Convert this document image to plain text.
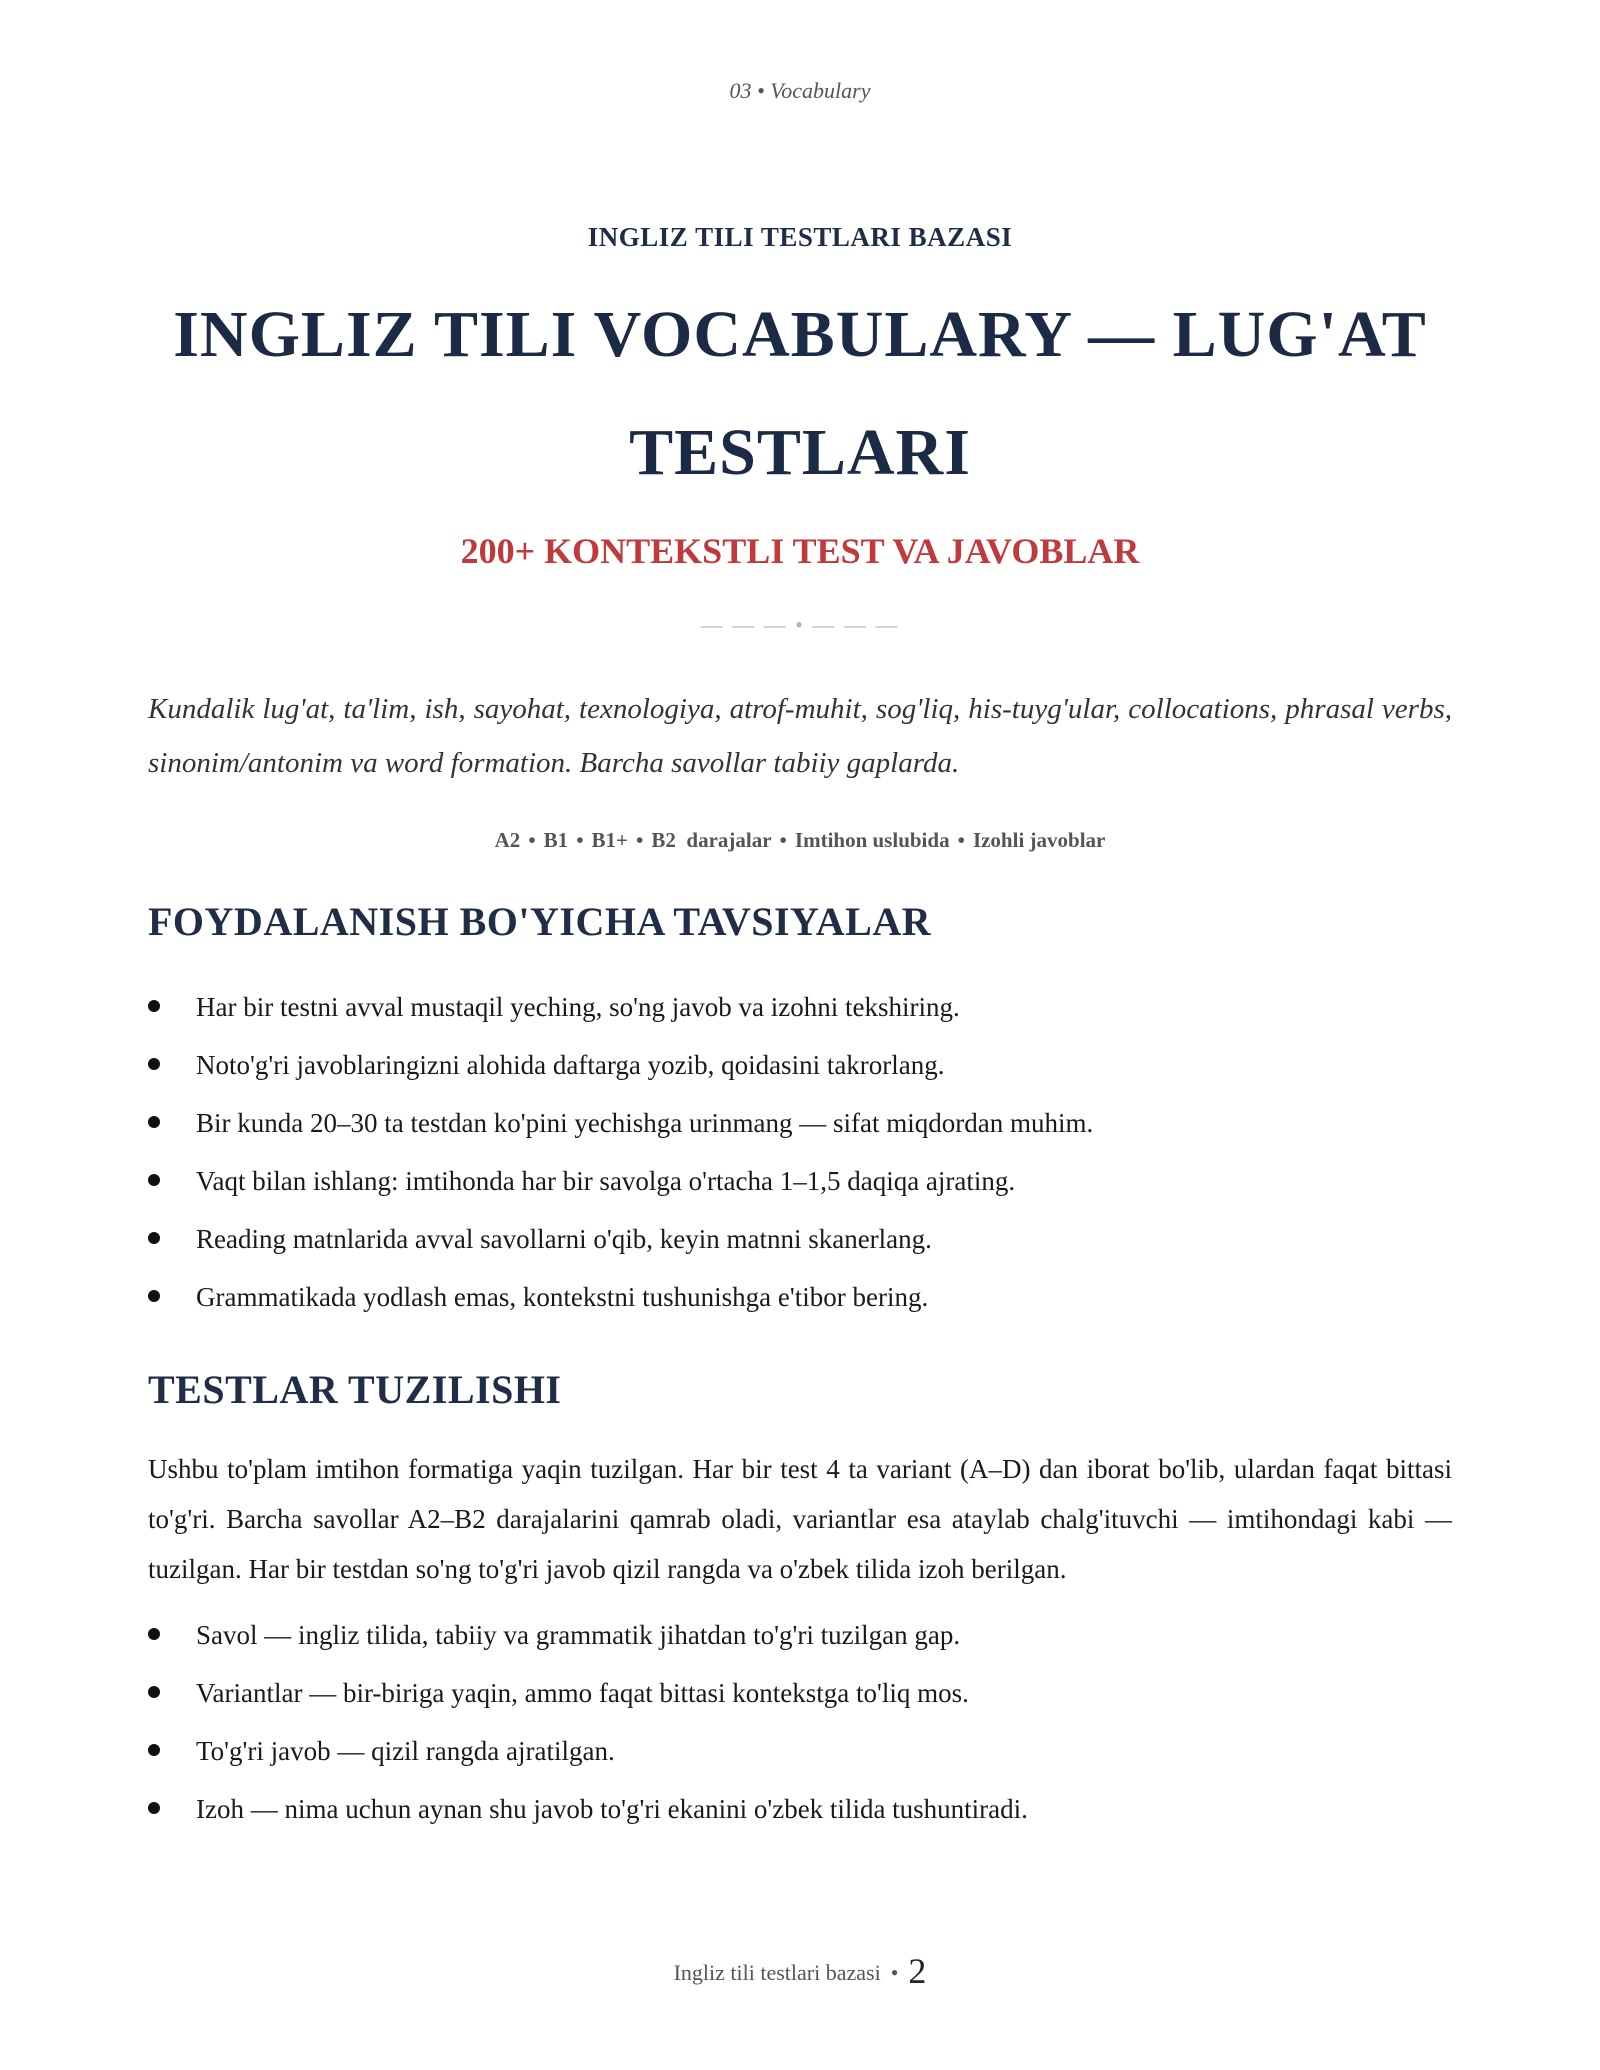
03 • Vocabulary
INGLIZ TILI TESTLARI BAZASI
INGLIZ TILI VOCABULARY — LUG'AT TESTLARI
200+ KONTEKSTLI TEST VA JAVOBLAR
— — — • — — —
Kundalik lug'at, ta'lim, ish, sayohat, texnologiya, atrof-muhit, sog'liq, his-tuyg'ular, collocations, phrasal verbs, sinonim/antonim va word formation. Barcha savollar tabiiy gaplarda.
A2 • B1 • B1+ • B2  darajalar • Imtihon uslubida • Izohli javoblar
FOYDALANISH BO'YICHA TAVSIYALAR
Har bir testni avval mustaqil yeching, so'ng javob va izohni tekshiring.
Noto'g'ri javoblaringizni alohida daftarga yozib, qoidasini takrorlang.
Bir kunda 20–30 ta testdan ko'pini yechishga urinmang — sifat miqdordan muhim.
Vaqt bilan ishlang: imtihonda har bir savolga o'rtacha 1–1,5 daqiqa ajrating.
Reading matnlarida avval savollarni o'qib, keyin matnni skanerlang.
Grammatikada yodlash emas, kontekstni tushunishga e'tibor bering.
TESTLAR TUZILISHI
Ushbu to'plam imtihon formatiga yaqin tuzilgan. Har bir test 4 ta variant (A–D) dan iborat bo'lib, ulardan faqat bittasi to'g'ri. Barcha savollar A2–B2 darajalarini qamrab oladi, variantlar esa ataylab chalg'ituvchi — imtihondagi kabi — tuzilgan. Har bir testdan so'ng to'g'ri javob qizil rangda va o'zbek tilida izoh berilgan.
Savol — ingliz tilida, tabiiy va grammatik jihatdan to'g'ri tuzilgan gap.
Variantlar — bir-biriga yaqin, ammo faqat bittasi kontekstga to'liq mos.
To'g'ri javob — qizil rangda ajratilgan.
Izoh — nima uchun aynan shu javob to'g'ri ekanini o'zbek tilida tushuntiradi.
Ingliz tili testlari bazasi • 2
